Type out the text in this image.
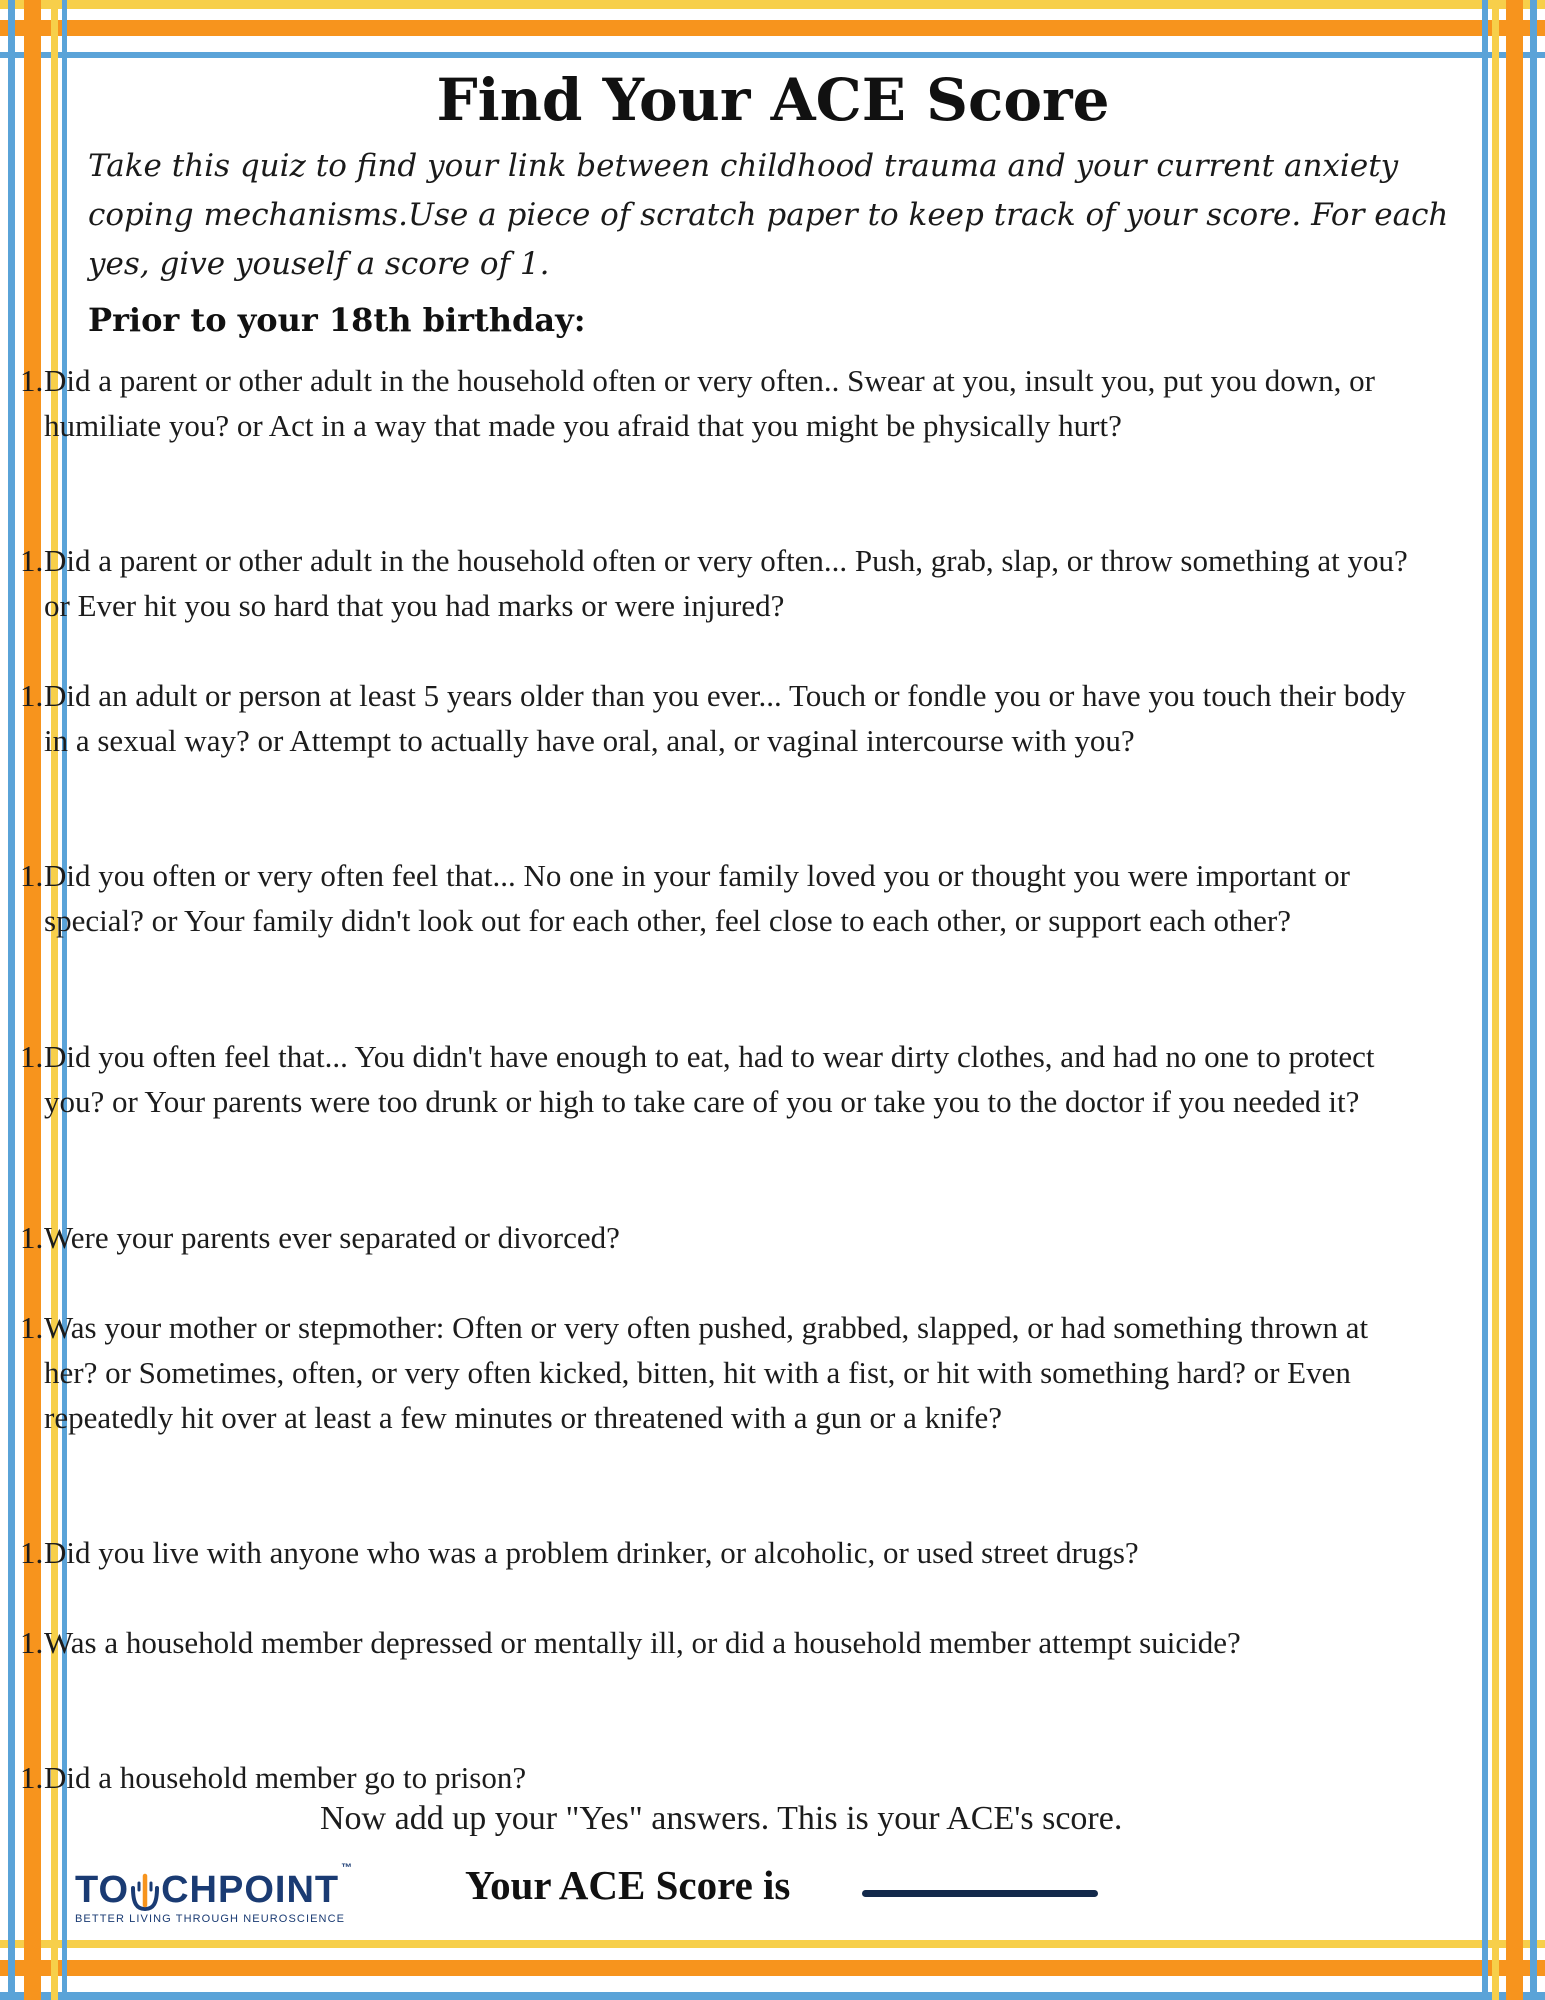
Find Your ACE Score

Take this quiz to find your link between childhood trauma and your current anxiety coping mechanisms.Use a piece of scratch paper to keep track of your score. For each yes, give youself a score of 1.

Prior to your 18th birthday:

1. Did a parent or other adult in the household often or very often.. Swear at you, insult you, put you down, or humiliate you? or Act in a way that made you afraid that you might be physically hurt?
1. Did a parent or other adult in the household often or very often... Push, grab, slap, or throw something at you? or Ever hit you so hard that you had marks or were injured?
1. Did an adult or person at least 5 years older than you ever... Touch or fondle you or have you touch their body in a sexual way? or Attempt to actually have oral, anal, or vaginal intercourse with you?
1. Did you often or very often feel that... No one in your family loved you or thought you were important or special? or Your family didn't look out for each other, feel close to each other, or support each other?
1. Did you often feel that... You didn't have enough to eat, had to wear dirty clothes, and had no one to protect you? or Your parents were too drunk or high to take care of you or take you to the doctor if you needed it?
1. Were your parents ever separated or divorced?
1. Was your mother or stepmother: Often or very often pushed, grabbed, slapped, or had something thrown at her? or Sometimes, often, or very often kicked, bitten, hit with a fist, or hit with something hard? or Even repeatedly hit over at least a few minutes or threatened with a gun or a knife?
1. Did you live with anyone who was a problem drinker, or alcoholic, or used street drugs?
1. Was a household member depressed or mentally ill, or did a household member attempt suicide?
1. Did a household member go to prison?
Now add up your "Yes" answers. This is your ACE's score.
Your ACE Score is
TO CHPOINT
™
BETTER LIVING THROUGH NEUROSCIENCE
